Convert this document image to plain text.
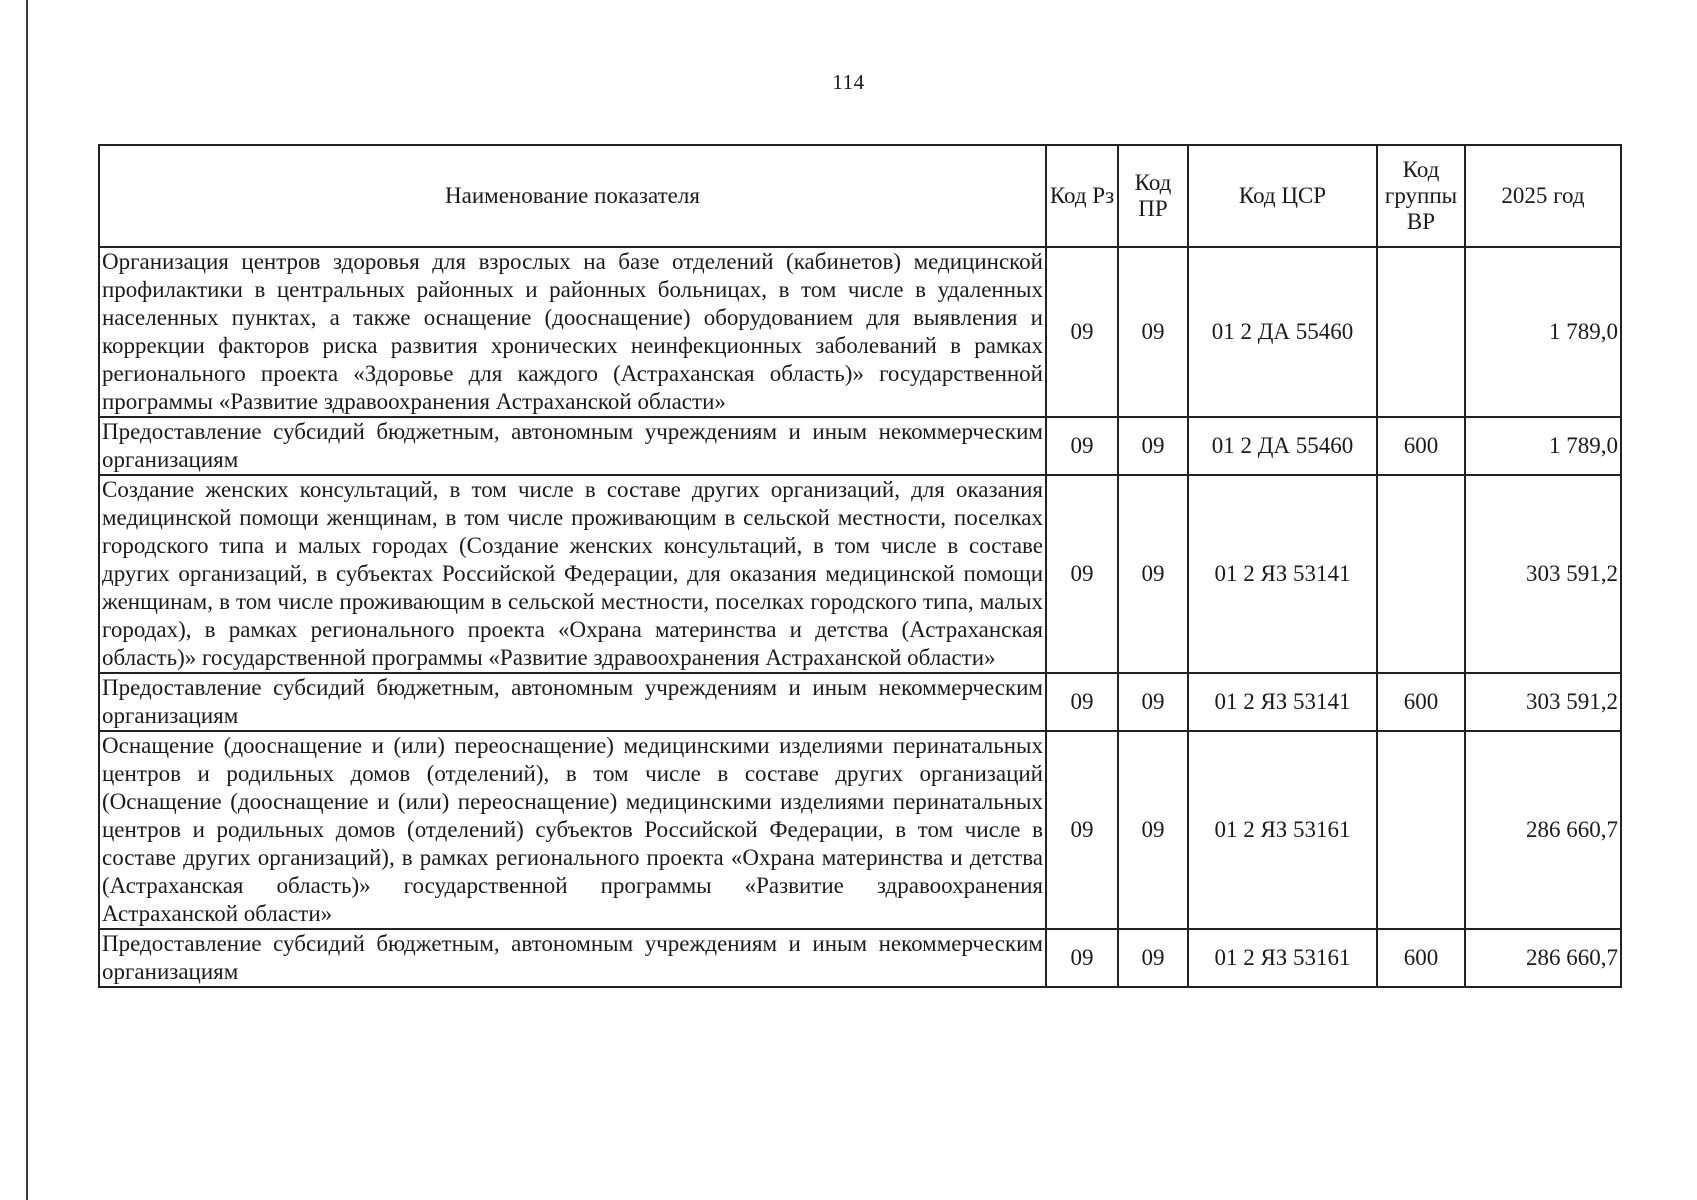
114
Наименование показателя	Код Рз	Код ПР	Код ЦСР	Код группы ВР	2025 год
Организация центров здоровья для взрослых на базе отделений (кабинетов) медицинской профилактики в центральных районных и районных больницах, в том числе в удаленных населенных пунктах, а также оснащение (дооснащение) оборудованием для выявления и коррекции факторов риска развития хронических неинфекционных заболеваний в рамках регионального проекта «Здоровье для каждого (Астраханская область)» государственной программы «Развитие здравоохранения Астраханской области»	09	09	01 2 ДА 55460		1 789,0
Предоставление субсидий бюджетным, автономным учреждениям и иным некоммерческим организациям	09	09	01 2 ДА 55460	600	1 789,0
Создание женских консультаций, в том числе в составе других организаций, для оказания медицинской помощи женщинам, в том числе проживающим в сельской местности, поселках городского типа и малых городах (Создание женских консультаций, в том числе в составе других организаций, в субъектах Российской Федерации, для оказания медицинской помощи женщинам, в том числе проживающим в сельской местности, поселках городского типа, малых городах), в рамках регионального проекта «Охрана материнства и детства (Астраханская область)» государственной программы «Развитие здравоохранения Астраханской области»	09	09	01 2 ЯЗ 53141		303 591,2
Предоставление субсидий бюджетным, автономным учреждениям и иным некоммерческим организациям	09	09	01 2 ЯЗ 53141	600	303 591,2
Оснащение (дооснащение и (или) переоснащение) медицинскими изделиями перинатальных центров и родильных домов (отделений), в том числе в составе других организаций (Оснащение (дооснащение и (или) переоснащение) медицинскими изделиями перинатальных центров и родильных домов (отделений) субъектов Российской Федерации, в том числе в составе других организаций), в рамках регионального проекта «Охрана материнства и детства (Астраханская область)» государственной программы «Развитие здравоохранения Астраханской области»	09	09	01 2 ЯЗ 53161		286 660,7
Предоставление субсидий бюджетным, автономным учреждениям и иным некоммерческим организациям	09	09	01 2 ЯЗ 53161	600	286 660,7
